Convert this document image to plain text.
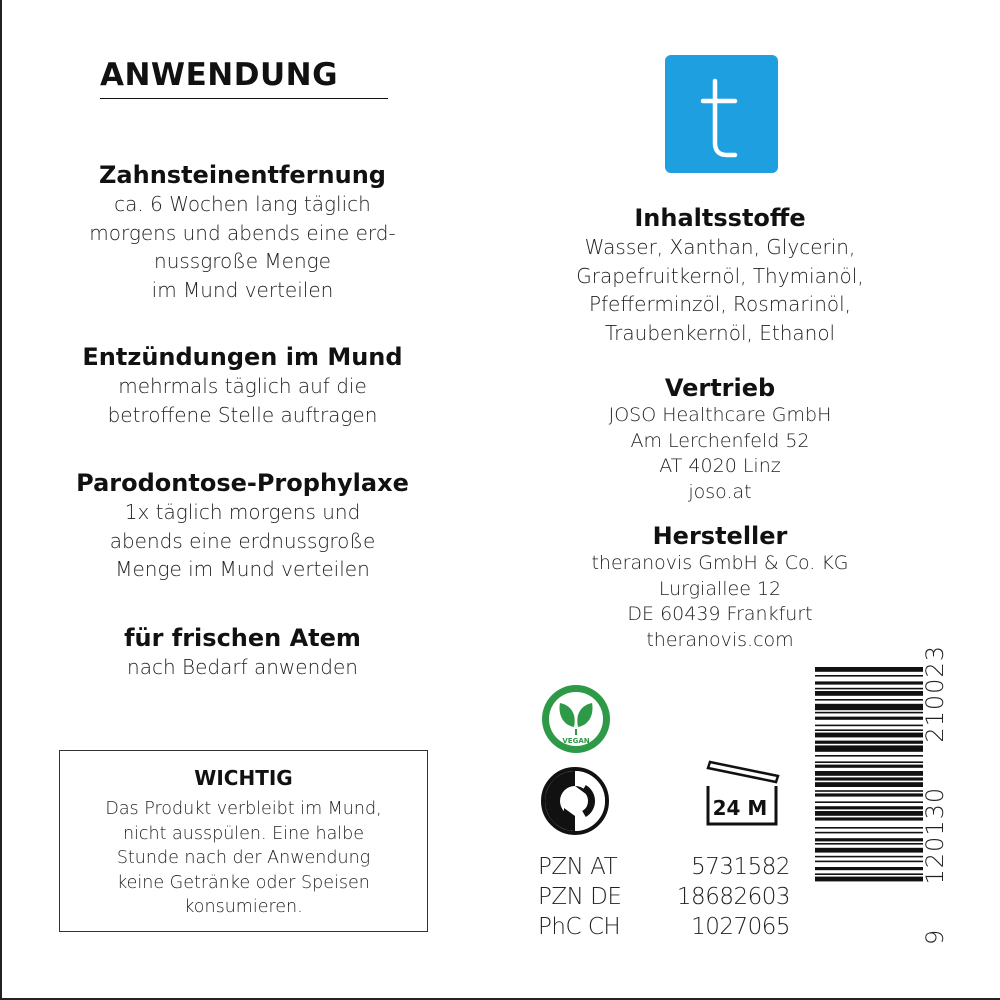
ANWENDUNG
Zahnsteinentfernung
ca. 6 Wochen lang täglich
morgens und abends eine erd-
nussgroße Menge
im Mund verteilen
Entzündungen im Mund
mehrmals täglich auf die
betroffene Stelle auftragen
Parodontose-Prophylaxe
1x täglich morgens und
abends eine erdnussgroße
Menge im Mund verteilen
für frischen Atem
nach Bedarf anwenden
WICHTIG
Das Produkt verbleibt im Mund,
nicht ausspülen. Eine halbe
Stunde nach der Anwendung
keine Getränke oder Speisen
konsumieren.
Inhaltsstoffe
Wasser, Xanthan, Glycerin,
Grapefruitkernöl, Thymianöl,
Pfefferminzöl, Rosmarinöl,
Traubenkernöl, Ethanol
Vertrieb
JOSO Healthcare GmbH
Am Lerchenfeld 52
AT 4020 Linz
joso.at
Hersteller
theranovis GmbH & Co. KG
Lurgiallee 12
DE 60439 Frankfurt
theranovis.com
VEGAN
24 M
PZN AT	5731582
PZN DE 18682603
PhC CH	1027065	9 120130 210023
